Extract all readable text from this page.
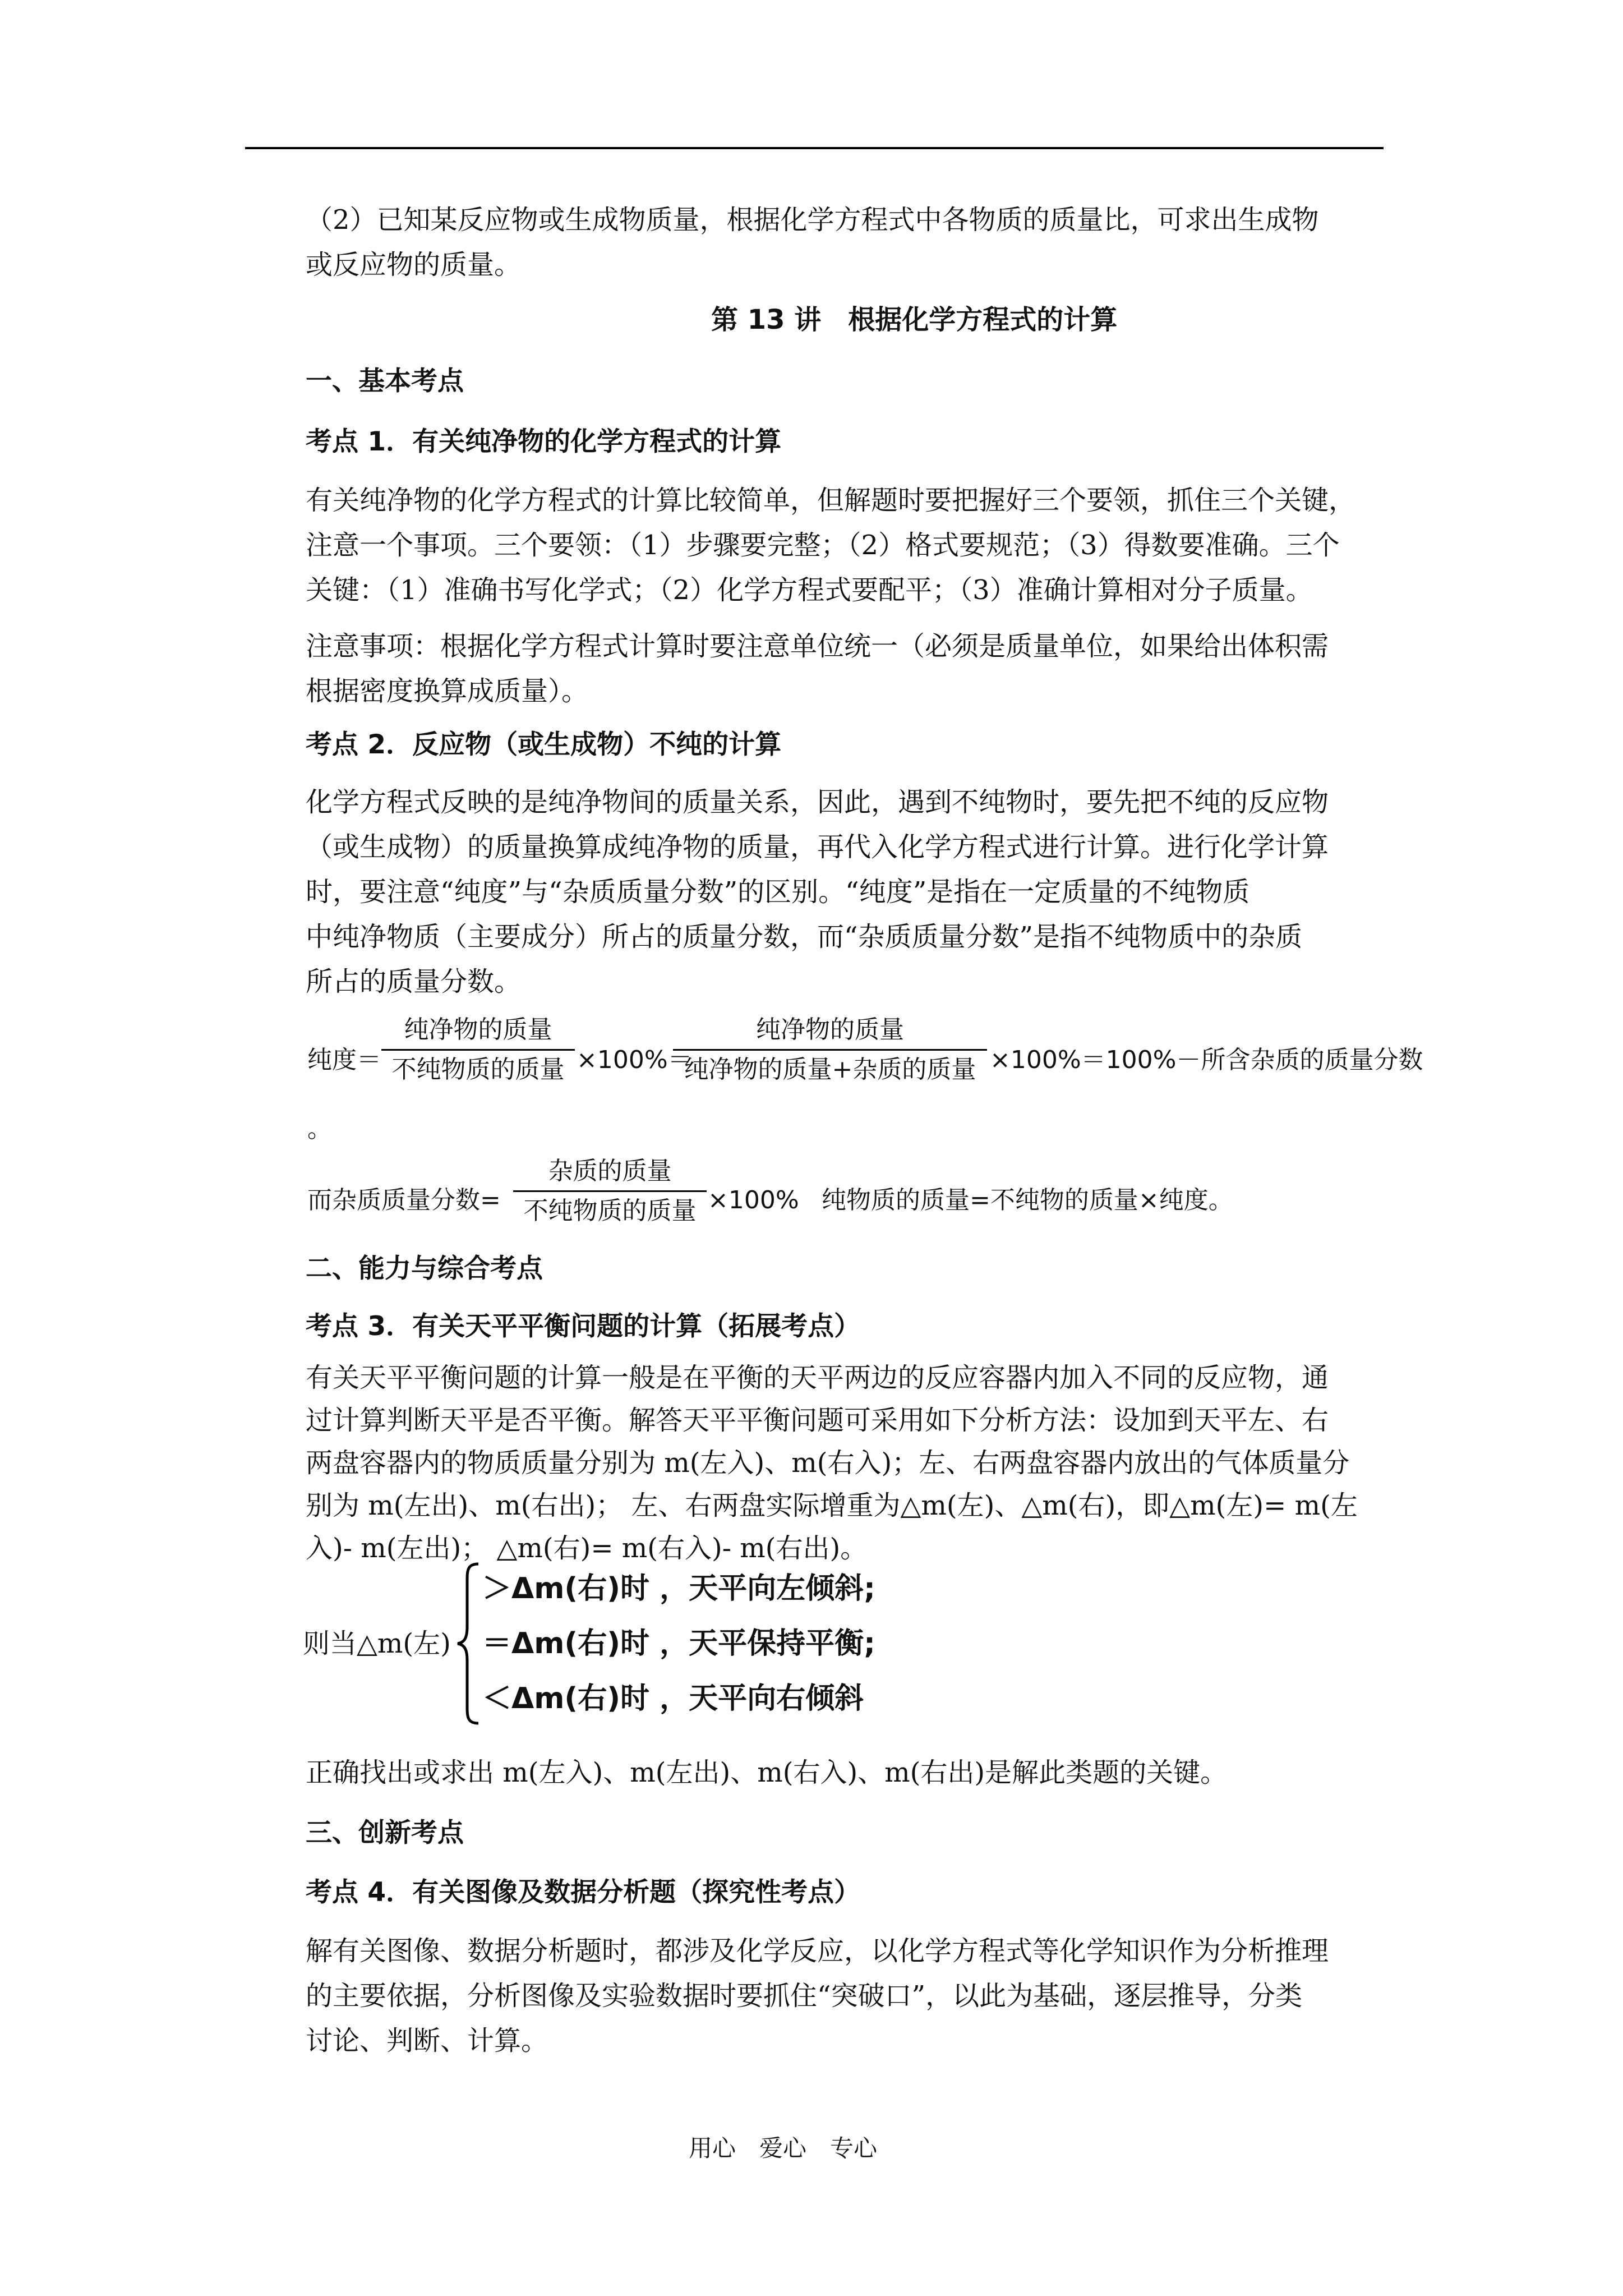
（2）已知某反应物或生成物质量，根据化学方程式中各物质的质量比，可求出生成物
或反应物的质量。
第 13 讲　根据化学方程式的计算
一、基本考点
考点 1．有关纯净物的化学方程式的计算
有关纯净物的化学方程式的计算比较简单，但解题时要把握好三个要领，抓住三个关键，
注意一个事项。三个要领：（1）步骤要完整；（2）格式要规范；（3）得数要准确。三个
关键：（1）准确书写化学式；（2）化学方程式要配平；（3）准确计算相对分子质量。
注意事项：根据化学方程式计算时要注意单位统一（必须是质量单位，如果给出体积需
根据密度换算成质量）。
考点 2．反应物（或生成物）不纯的计算
化学方程式反映的是纯净物间的质量关系，因此，遇到不纯物时，要先把不纯的反应物
（或生成物）的质量换算成纯净物的质量，再代入化学方程式进行计算。进行化学计算
时，要注意“纯度”与“杂质质量分数”的区别。“纯度”是指在一定质量的不纯物质
中纯净物质（主要成分）所占的质量分数，而“杂质质量分数”是指不纯物质中的杂质
所占的质量分数。
纯度＝
纯净物的质量
不纯物质的质量 ×100%＝
纯净物的质量
纯净物的质量+杂质的质量 ×100%＝100%－所含杂质的质量分数
。
而杂质质量分数=
杂质的质量
不纯物质的质量 ×100% 纯物质的质量=不纯物的质量×纯度。
二、能力与综合考点
考点 3．有关天平平衡问题的计算（拓展考点）
有关天平平衡问题的计算一般是在平衡的天平两边的反应容器内加入不同的反应物，通
过计算判断天平是否平衡。解答天平平衡问题可采用如下分析方法：设加到天平左、右
两盘容器内的物质质量分别为 m(左入)、m(右入)；左、右两盘容器内放出的气体质量分
别为 m(左出)、m(右出)； 左、右两盘实际增重为△m(左)、△m(右)，即△m(左)= m(左
入)- m(左出)； △m(右)= m(右入)- m(右出)。
则当△m(左)
＞Δm(右)时 ，天平向左倾斜;
＝Δm(右)时 ，天平保持平衡;
＜Δm(右)时 ，天平向右倾斜
正确找出或求出 m(左入)、m(左出)、m(右入)、m(右出)是解此类题的关键。
三、创新考点
考点 4．有关图像及数据分析题（探究性考点）
解有关图像、数据分析题时，都涉及化学反应，以化学方程式等化学知识作为分析推理
的主要依据，分析图像及实验数据时要抓住“突破口”，以此为基础，逐层推导，分类
讨论、判断、计算。
用心　爱心　专心
